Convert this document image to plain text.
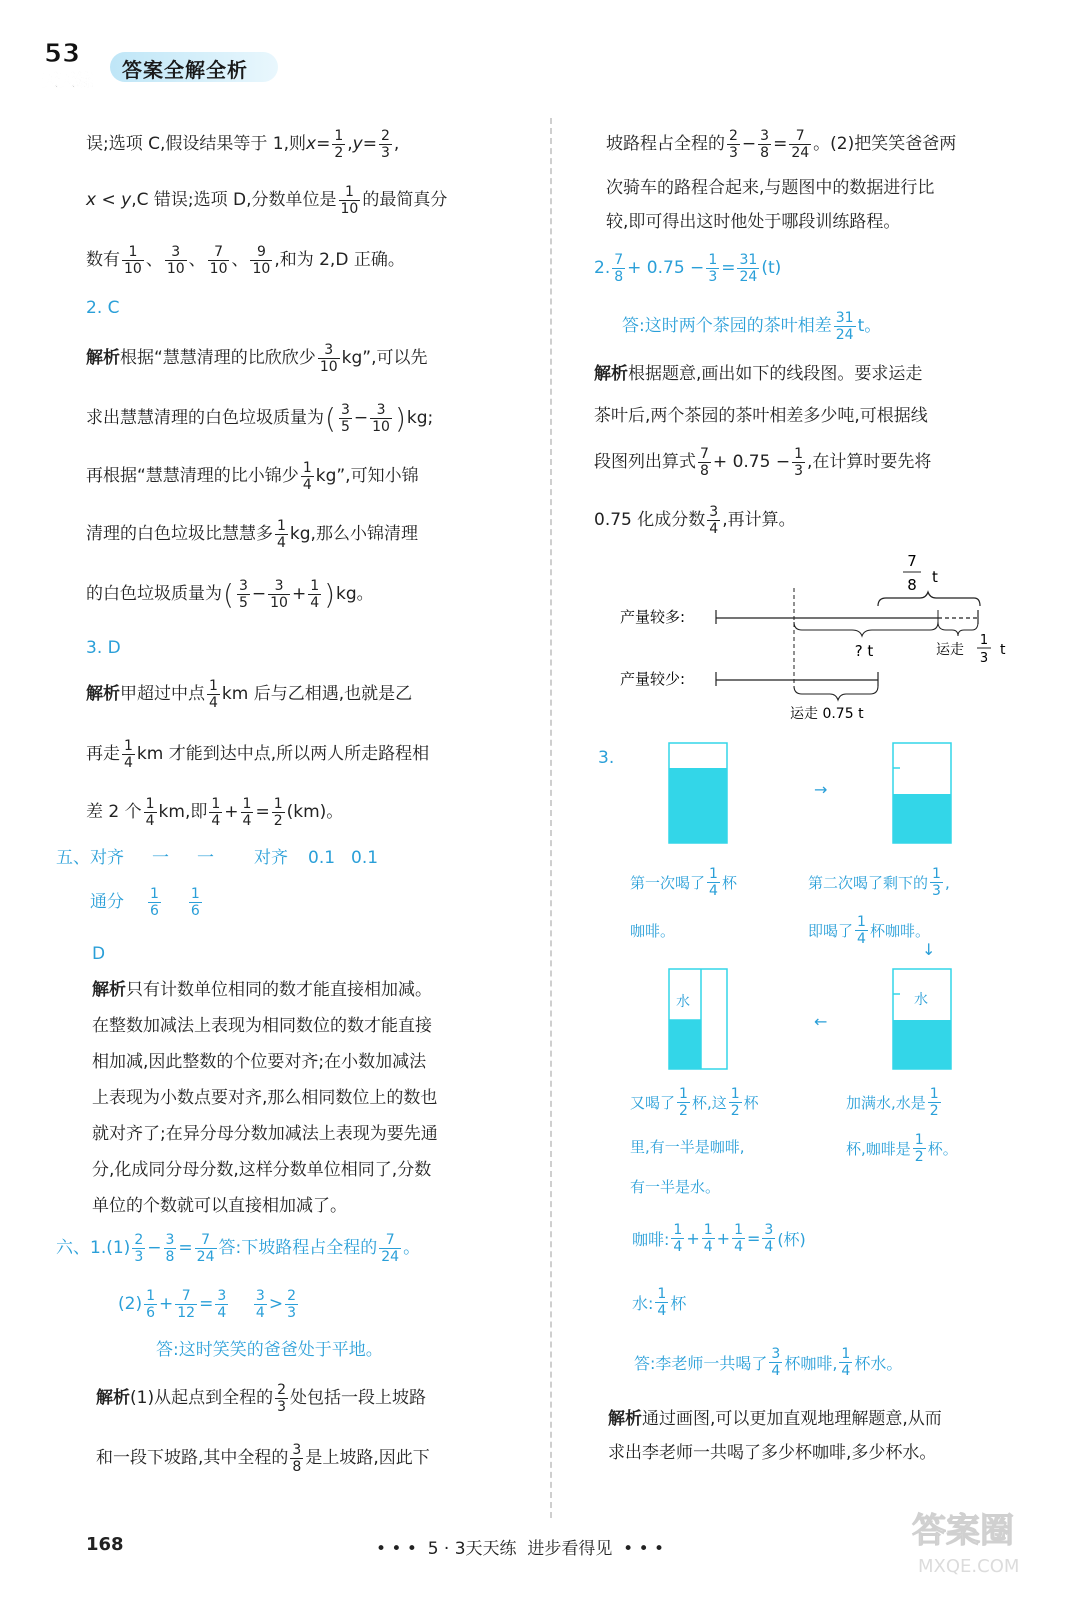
53
天天练 答案全解全析
误;选项 C,假设结果等于 1,则 $x = \frac{1}{2}$ , $y = \frac{2}{3}$ ,
x < y ,C 错误;选项 D,分数单位是 1
10 的最简真分
数有 1
10 、 3
10 、 7
10 、 9
10 ,和为 2,D 正确。
2. C
解析 根据“慧慧清理的比欣欣少 3
10 kg”,可以先
求出慧慧清理的白色垃圾质量为 ( 3
$5 - \frac{3}{10}$ ) kg;
再根据“慧慧清理的比小锦少 1
4 kg”,可知小锦
清理的白色垃圾比慧慧多 1
4 kg,那么小锦清理
的白色垃圾质量为 ( 3
$5 - \frac{3}{10} + \frac{1}{4}$ ) kg。
3. D
解析 甲超过中点 1
4 km 后与乙相遇,也就是乙
再走 1
4 km 才能到达中点,所以两人所走路程相
差 2 个 1
4 km,即 1
$4 + \frac{1}{4} = \frac{1}{2} (km)$。
五、 对齐 一 一 对齐 0.1 0.1
通分 1
6
1
6
D
解析 只有计数单位相同的数才能直接相加减。
在整数加减法上表现为相同数位的数才能直接
相加减,因此整数的个位要对齐;在小数加减法
上表现为小数点要对齐,那么相同数位上的数也
就对齐了;在异分母分数加减法上表现为要先通
分,化成同分母分数,这样分数单位相同了,分数
单位的个数就可以直接相加减了。
六、1. (1) 2
$3 - \frac{3}{8} = \frac{7}{24}$ 答:下坡路程占全程的 7
24 。
(2) 1
$6 + \frac{7}{12} = \frac{3}{4}$
3
4 > 2
3
答:这时笑笑的爸爸处于平地。
解析 (1)从起点到全程的 2
3 处包括一段上坡路
和一段下坡路,其中全程的 3
8 是上坡路,因此下
坡路程占全程的 2
$3 - \frac{3}{8} = \frac{7}{24}$ 。(2)把笑笑爸爸两
次骑车的路程合起来,与题图中的数据进行比
较,即可得出这时他处于哪段训练路程。
2. 7
$8 + 0.75 - \frac{1}{3} = \frac{31}{24} (t)$
答:这时两个茶园的茶叶相差 31
24 t。
解析 根据题意,画出如下的线段图。要求运走
茶叶后,两个茶园的茶叶相差多少吨,可根据线
段图列出算式 7
$8 + 0.75 - \frac{1}{3}$ ,在计算时要先将
0.75 化成分数 3
4 ,再计算。
7
8 t
产量较多:
? t	运走
1
3
t
产量较少:
运走 0.75 t
3.
→
第一次喝了
1
4 杯
咖啡。
第二次喝了剩下的
1
3 ,
即喝了
1
4 杯咖啡。
↓
水
←
水
又喝了
1
2 杯,这
1
2 杯
里,有一半是咖啡,
有一半是水。
加满水,水是
1
2
杯,咖啡是
1
2 杯。
咖啡:
1
$4 + \frac{1}{4} + \frac{1}{4} = \frac{3}{4}$ (杯)
水:
1
4 杯
答:李老师一共喝了
3
4 杯咖啡,
1
4 杯水。
解析 通过画图,可以更加直观地理解题意,从而
求出李老师一共喝了多少杯咖啡,多少杯水。
168	• • •  5 · 3天天练  进步看得见  • • •	答案圈
MXQE.COM
